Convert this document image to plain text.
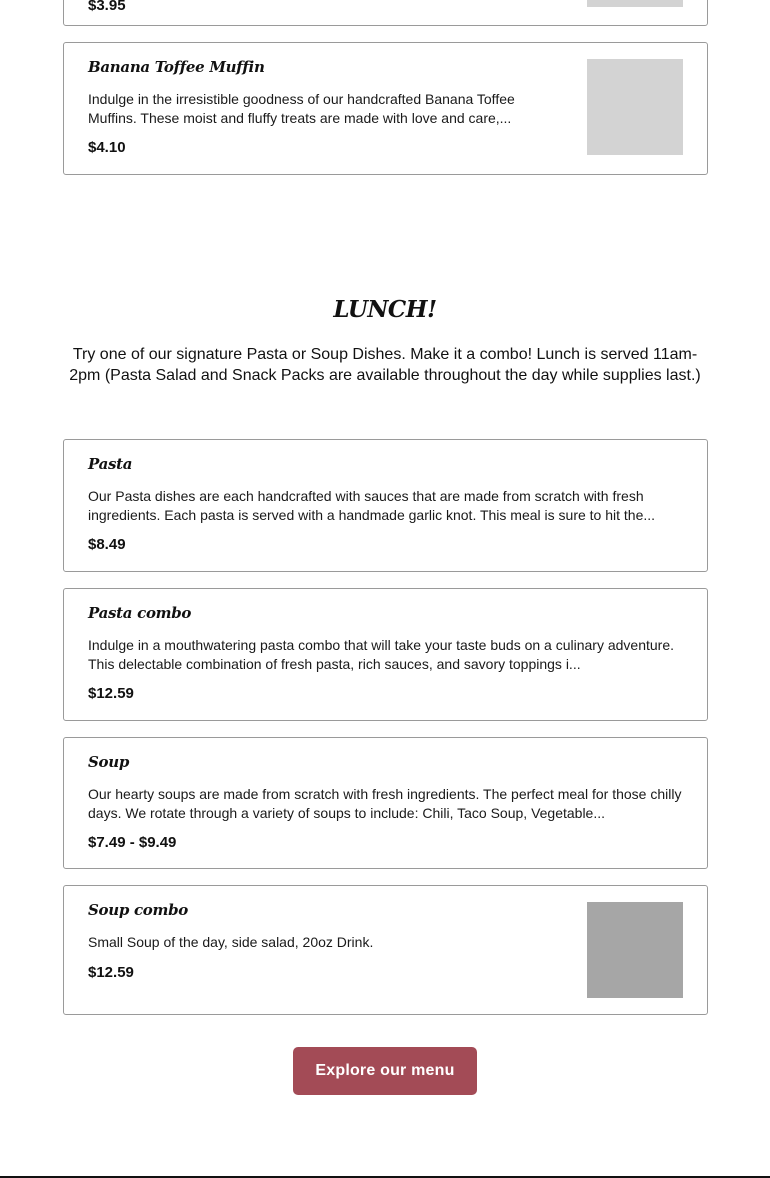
$3.95
Banana Toffee Muffin
Indulge in the irresistible goodness of our handcrafted Banana Toffee Muffins. These moist and fluffy treats are made with love and care,...
$4.10
LUNCH!

Try one of our signature Pasta or Soup Dishes. Make it a combo! Lunch is served 11am-2pm (Pasta Salad and Snack Packs are available throughout the day while supplies last.)

Pasta
Our Pasta dishes are each handcrafted with sauces that are made from scratch with fresh ingredients. Each pasta is served with a handmade garlic knot. This meal is sure to hit the...
$8.49
Pasta combo
Indulge in a mouthwatering pasta combo that will take your taste buds on a culinary adventure. This delectable combination of fresh pasta, rich sauces, and savory toppings i...
$12.59
Soup
Our hearty soups are made from scratch with fresh ingredients. The perfect meal for those chilly days. We rotate through a variety of soups to include: Chili, Taco Soup, Vegetable...
$7.49 - $9.49
Soup combo
Small Soup of the day, side salad, 20oz Drink.
$12.59
Explore our menu
